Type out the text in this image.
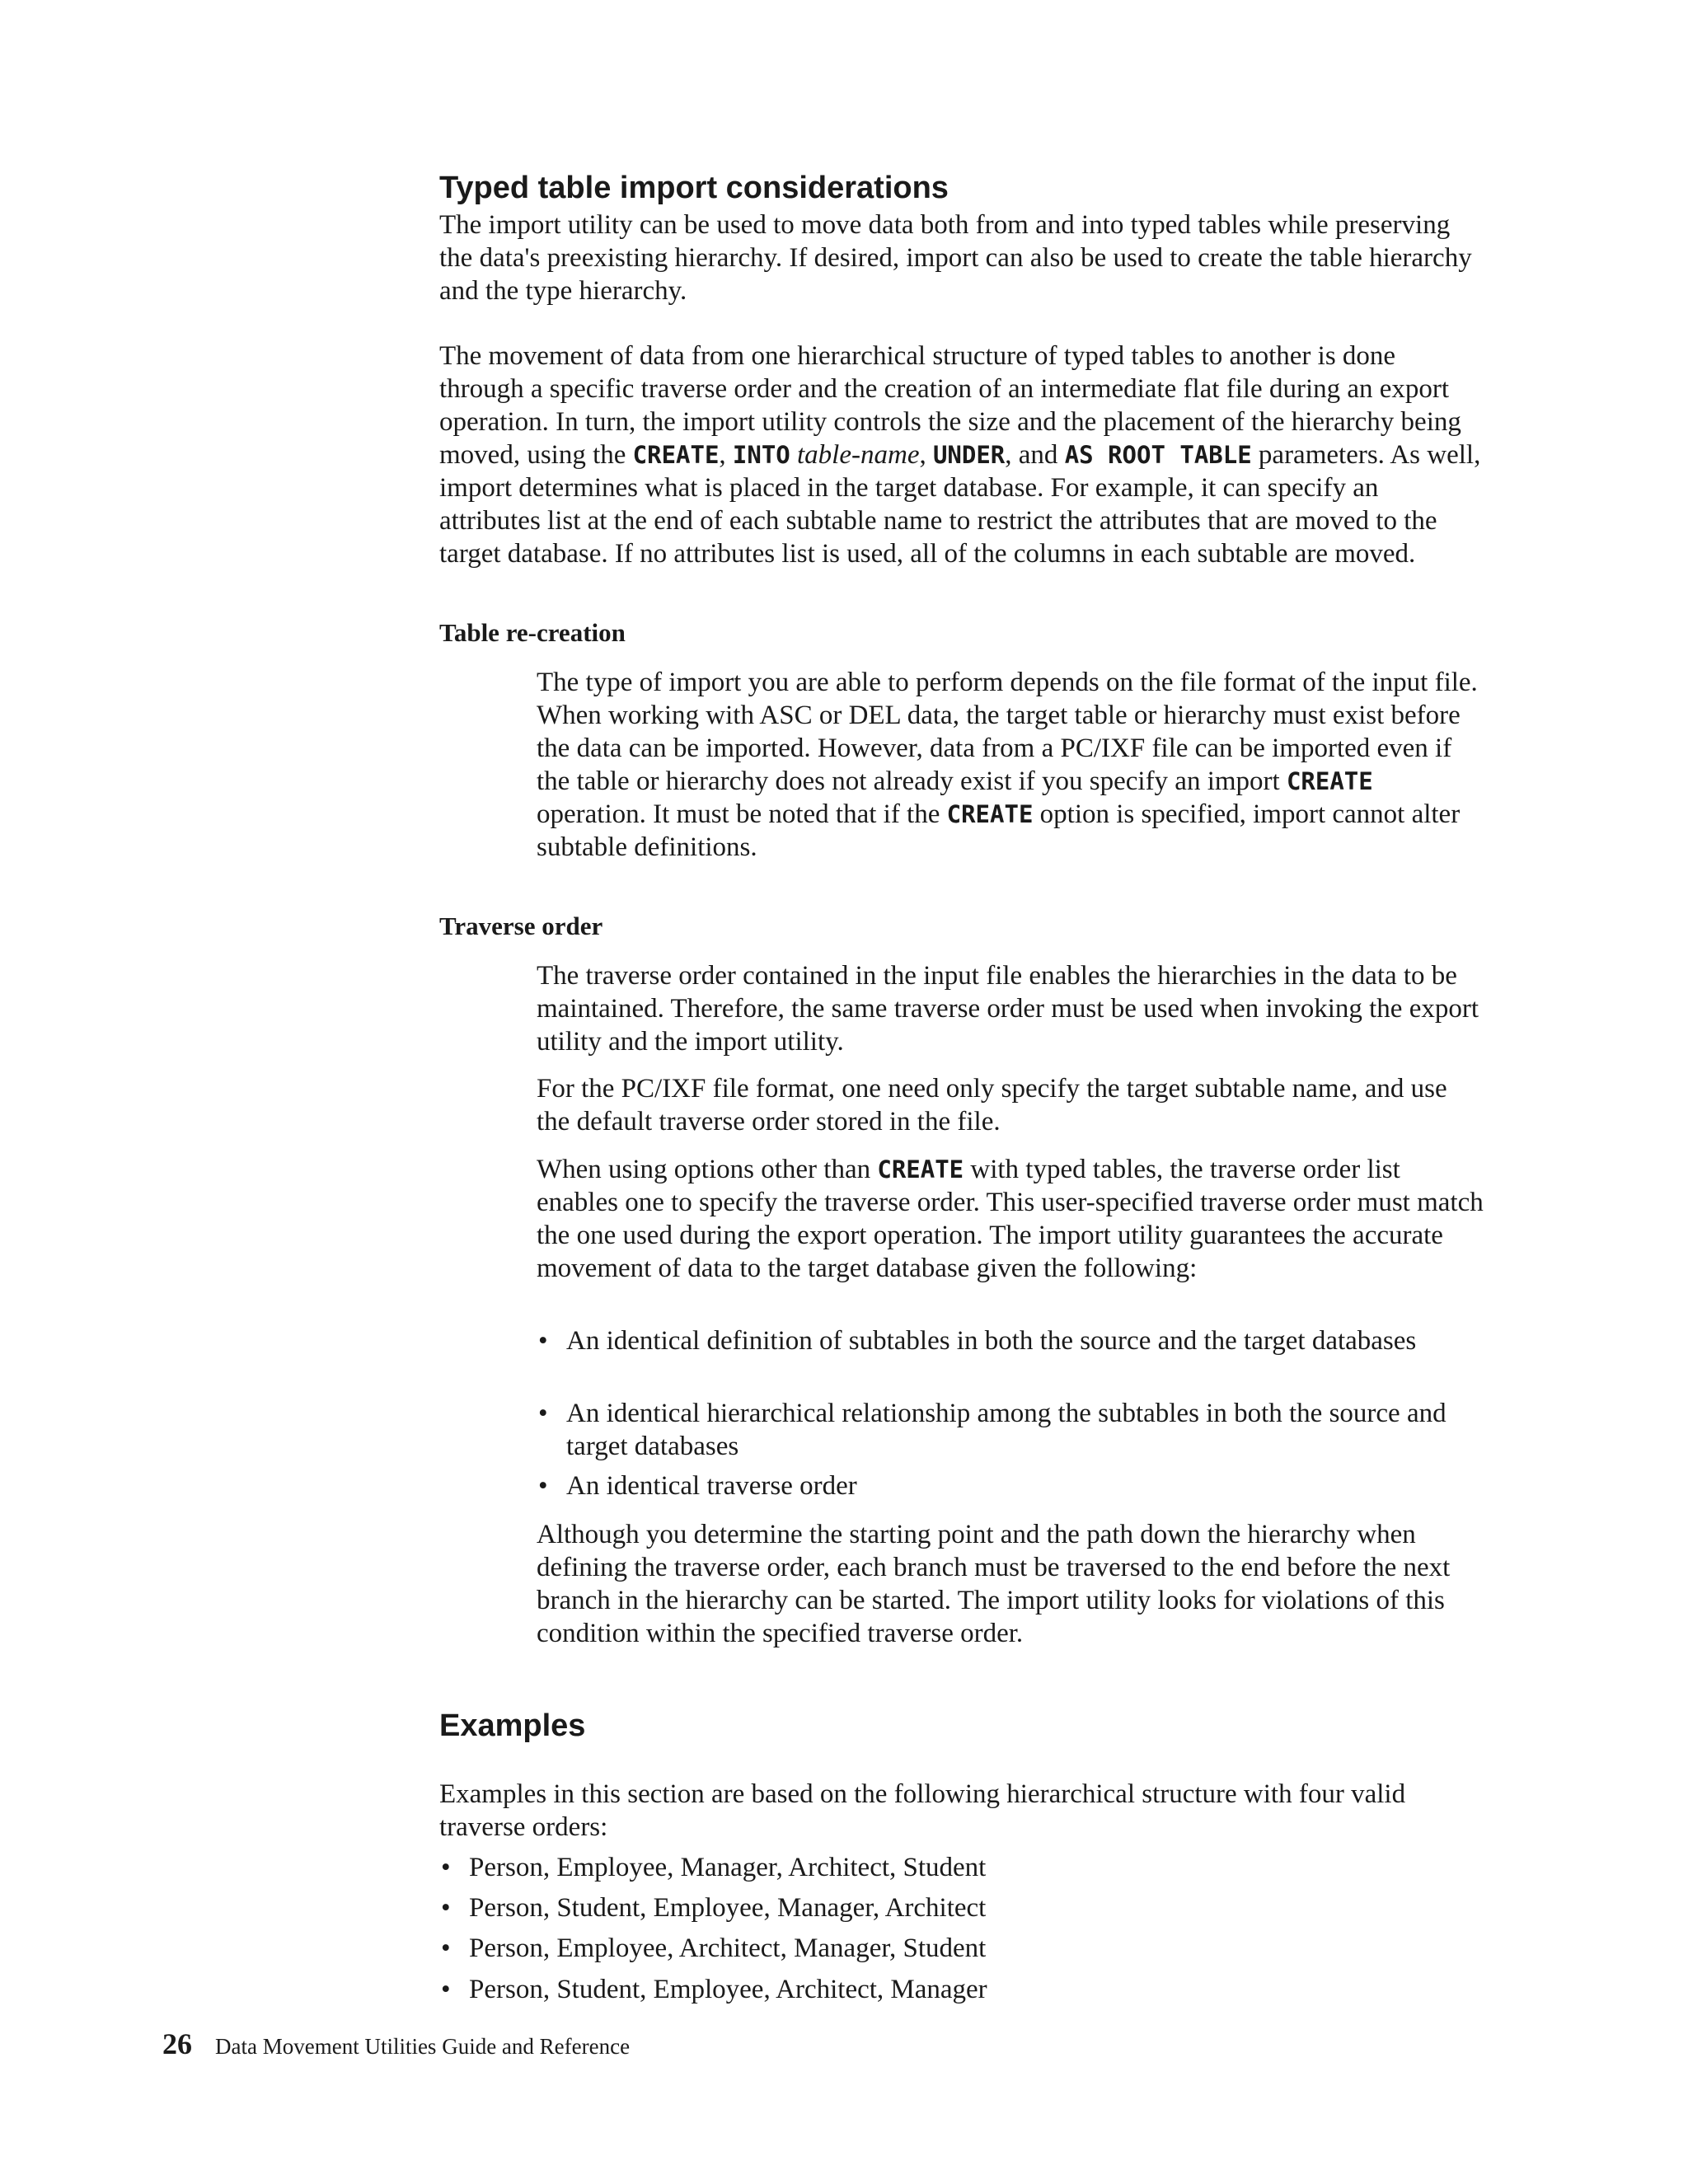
Typed table import considerations

The import utility can be used to move data both from and into typed tables while preserving the data's preexisting hierarchy. If desired, import can also be used to create the table hierarchy and the type hierarchy.

The movement of data from one hierarchical structure of typed tables to another is done through a specific traverse order and the creation of an intermediate flat file during an export operation. In turn, the import utility controls the size and the placement of the hierarchy being moved, using the CREATE, INTO table-name, UNDER, and AS ROOT TABLE parameters. As well, import determines what is placed in the target database. For example, it can specify an attributes list at the end of each subtable name to restrict the attributes that are moved to the target database. If no attributes list is used, all of the columns in each subtable are moved.

Table re-creation

The type of import you are able to perform depends on the file format of the input file. When working with ASC or DEL data, the target table or hierarchy must exist before the data can be imported. However, data from a PC/IXF file can be imported even if the table or hierarchy does not already exist if you specify an import CREATE operation. It must be noted that if the CREATE option is specified, import cannot alter subtable definitions.

Traverse order

The traverse order contained in the input file enables the hierarchies in the data to be maintained. Therefore, the same traverse order must be used when invoking the export utility and the import utility.

For the PC/IXF file format, one need only specify the target subtable name, and use the default traverse order stored in the file.

When using options other than CREATE with typed tables, the traverse order list enables one to specify the traverse order. This user-specified traverse order must match the one used during the export operation. The import utility guarantees the accurate movement of data to the target database given the following:

• An identical definition of subtables in both the source and the target databases
• An identical hierarchical relationship among the subtables in both the source and target databases
• An identical traverse order

Although you determine the starting point and the path down the hierarchy when defining the traverse order, each branch must be traversed to the end before the next branch in the hierarchy can be started. The import utility looks for violations of this condition within the specified traverse order.

Examples

Examples in this section are based on the following hierarchical structure with four valid traverse orders:

• Person, Employee, Manager, Architect, Student
• Person, Student, Employee, Manager, Architect
• Person, Employee, Architect, Manager, Student
• Person, Student, Employee, Architect, Manager
26 Data Movement Utilities Guide and Reference
